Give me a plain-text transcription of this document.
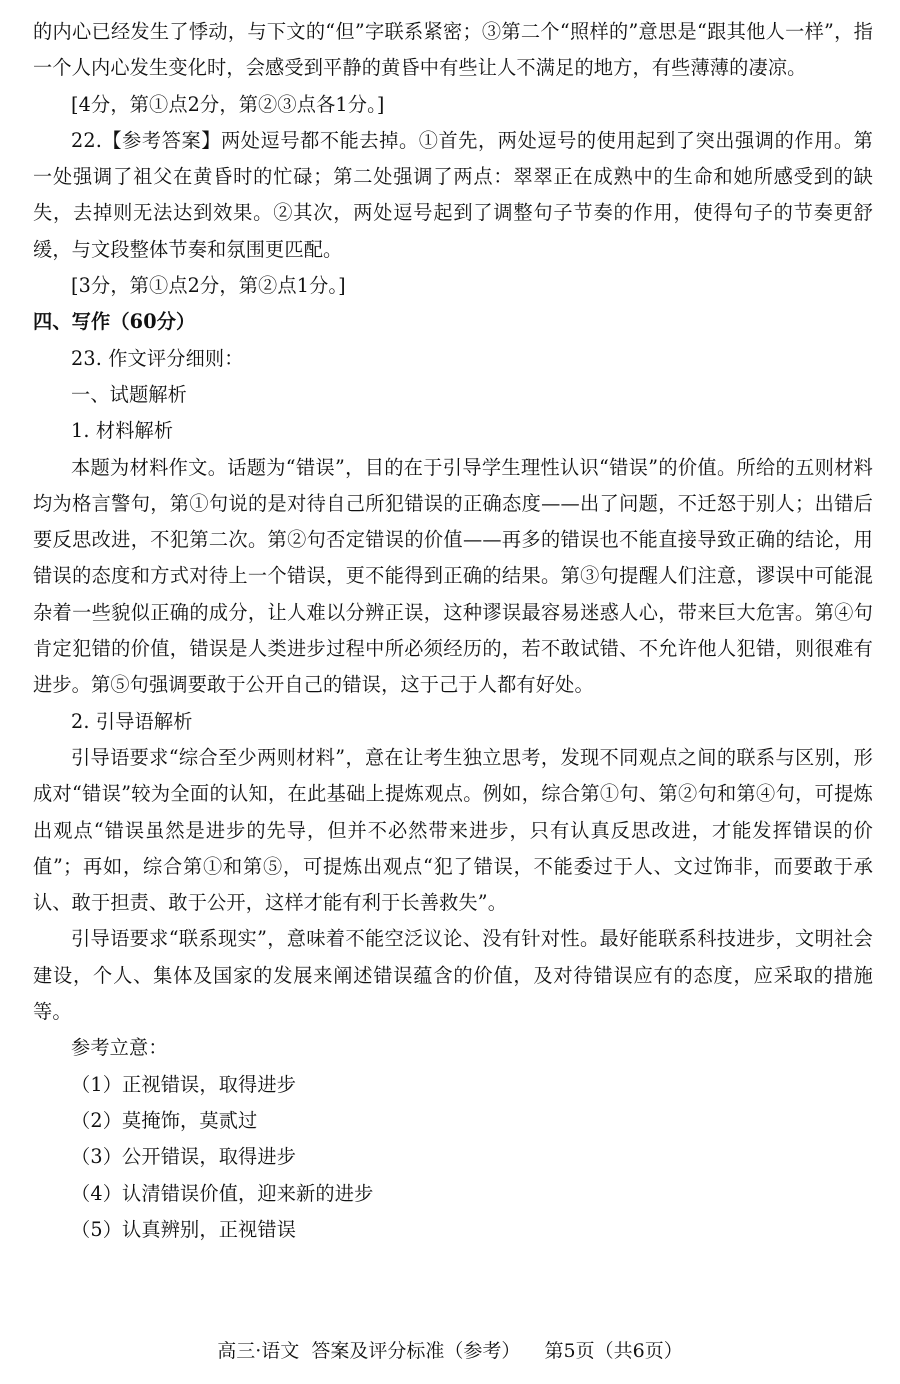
的内心已经发生了悸动，与下文的“但”字联系紧密；③第二个“照样的”意思是“跟其他人一样”，指一个人内心发生变化时，会感受到平静的黄昏中有些让人不满足的地方，有些薄薄的凄凉。

[4分，第①点2分，第②③点各1分。]

22.【参考答案】两处逗号都不能去掉。①首先，两处逗号的使用起到了突出强调的作用。第一处强调了祖父在黄昏时的忙碌；第二处强调了两点：翠翠正在成熟中的生命和她所感受到的缺失，去掉则无法达到效果。②其次，两处逗号起到了调整句子节奏的作用，使得句子的节奏更舒缓，与文段整体节奏和氛围更匹配。

[3分，第①点2分，第②点1分。]

四、写作（60分）

23. 作文评分细则：

一、试题解析

1. 材料解析

本题为材料作文。话题为“错误”，目的在于引导学生理性认识“错误”的价值。所给的五则材料均为格言警句，第①句说的是对待自己所犯错误的正确态度——出了问题，不迁怒于别人；出错后要反思改进，不犯第二次。第②句否定错误的价值——再多的错误也不能直接导致正确的结论，用错误的态度和方式对待上一个错误，更不能得到正确的结果。第③句提醒人们注意，谬误中可能混杂着一些貌似正确的成分，让人难以分辨正误，这种谬误最容易迷惑人心，带来巨大危害。第④句肯定犯错的价值，错误是人类进步过程中所必须经历的，若不敢试错、不允许他人犯错，则很难有进步。第⑤句强调要敢于公开自己的错误，这于己于人都有好处。

2. 引导语解析

引导语要求“综合至少两则材料”，意在让考生独立思考，发现不同观点之间的联系与区别，形成对“错误”较为全面的认知，在此基础上提炼观点。例如，综合第①句、第②句和第④句，可提炼出观点“错误虽然是进步的先导，但并不必然带来进步，只有认真反思改进，才能发挥错误的价值”；再如，综合第①和第⑤，可提炼出观点“犯了错误，不能委过于人、文过饰非，而要敢于承认、敢于担责、敢于公开，这样才能有利于长善救失”。

引导语要求“联系现实”，意味着不能空泛议论、没有针对性。最好能联系科技进步，文明社会建设，个人、集体及国家的发展来阐述错误蕴含的价值，及对待错误应有的态度，应采取的措施等。

参考立意：

（1）正视错误，取得进步

（2）莫掩饰，莫贰过

（3）公开错误，取得进步

（4）认清错误价值，迎来新的进步

（5）认真辨别，正视错误

高三·语文  答案及评分标准（参考） 第5页（共6页）
